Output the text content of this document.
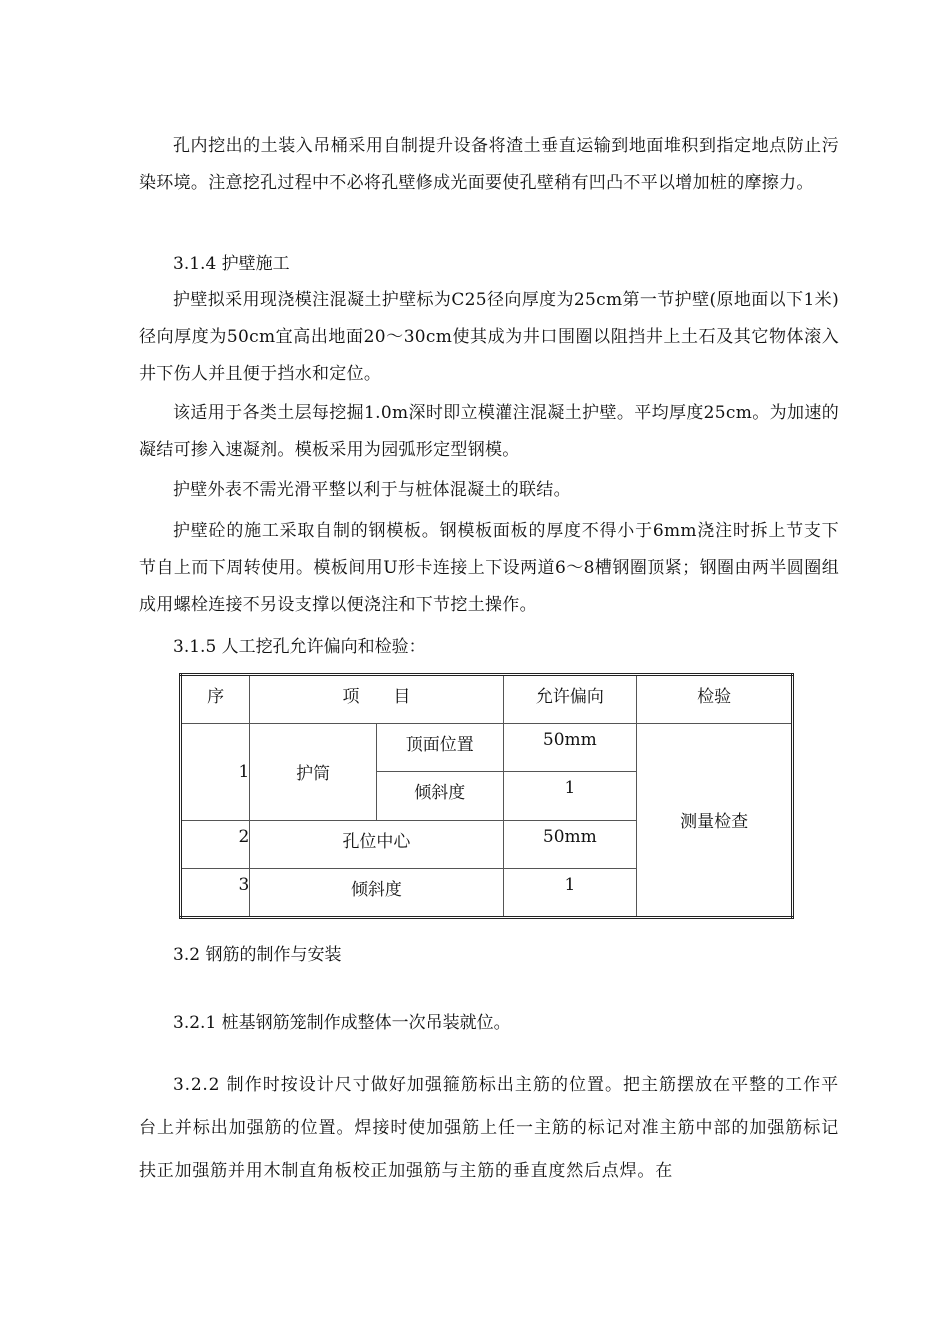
孔内挖出的土装入吊桶采用自制提升设备将渣土垂直运输到地面堆积到指定地点防止污染环境。注意挖孔过程中不必将孔壁修成光面要使孔壁稍有凹凸不平以增加桩的摩擦力。

3.1.4 护壁施工

护壁拟采用现浇模注混凝土护壁标为C25径向厚度为25cm第一节护壁(原地面以下1米)径向厚度为50cm宜高出地面20～30cm使其成为井口围圈以阻挡井上土石及其它物体滚入井下伤人并且便于挡水和定位。

该适用于各类土层每挖掘1.0m深时即立模灌注混凝土护壁。平均厚度25cm。为加速的凝结可掺入速凝剂。模板采用为园弧形定型钢模。

护壁外表不需光滑平整以利于与桩体混凝土的联结。

护壁砼的施工采取自制的钢模板。钢模板面板的厚度不得小于6mm浇注时拆上节支下节自上而下周转使用。模板间用U形卡连接上下设两道6～8槽钢圈顶紧；钢圈由两半圆圈组成用螺栓连接不另设支撑以便浇注和下节挖土操作。

3.1.5 人工挖孔允许偏向和检验：

序	项　　目		允许偏向	检验

1	护筒	顶面位置	50mm	测量检查

		倾斜度	1	

2	孔位中心		50mm	

3	倾斜度		1	

3.2 钢筋的制作与安装

3.2.1 桩基钢筋笼制作成整体一次吊装就位。

3.2.2 制作时按设计尺寸做好加强箍筋标出主筋的位置。把主筋摆放在平整的工作平台上并标出加强筋的位置。焊接时使加强筋上任一主筋的标记对准主筋中部的加强筋标记扶正加强筋并用木制直角板校正加强筋与主筋的垂直度然后点焊。在
